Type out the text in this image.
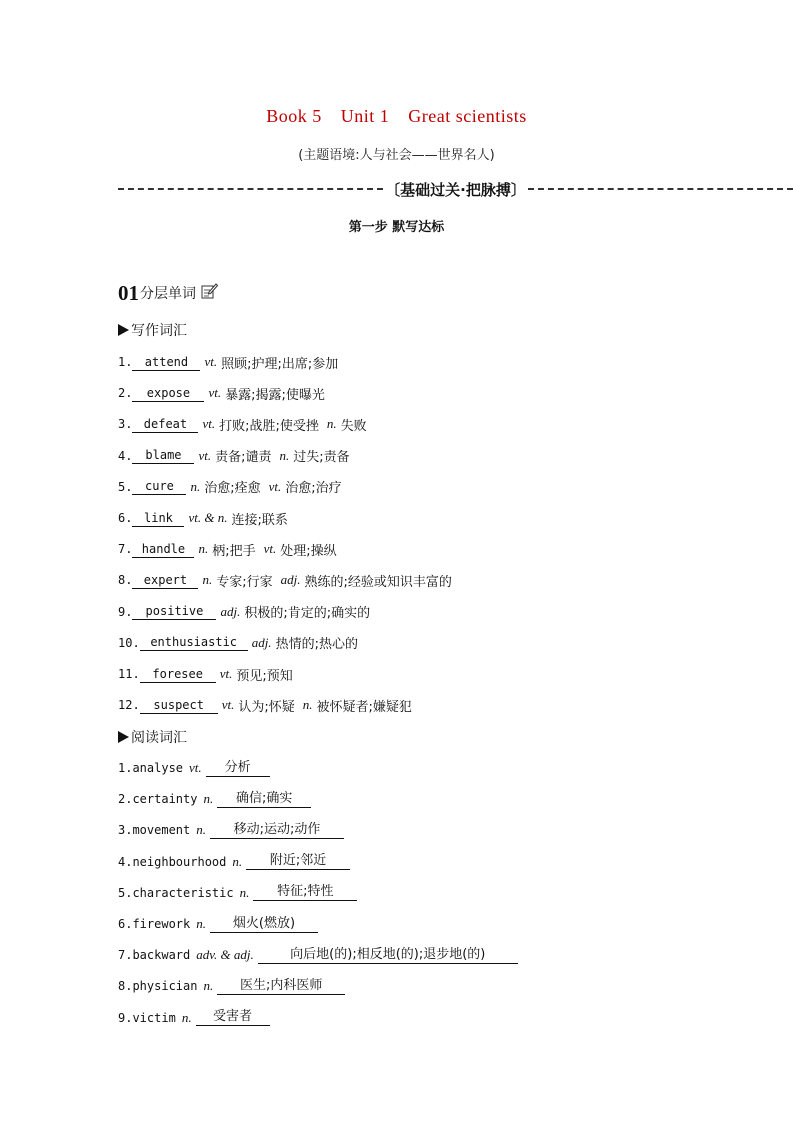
Book 5 Unit 1 Great scientists
(主题语境:人与社会——世界名人)
〔基础过关·把脉搏〕
第一步 默写达标
01 分层单词
写作词汇
1.	attend	vt. 照顾;护理;出席;参加
2.	expose	vt. 暴露;揭露;使曝光
3. defeat	vt. 打败;战胜;使受挫 n. 失败
4.	blame	vt. 责备;谴责 n. 过失;责备
5.	cure	n. 治愈;痊愈 vt. 治愈;治疗
6. link	vt. & n. 连接;联系
7. handle	n. 柄;把手 vt. 处理;操纵
8. expert	n. 专家;行家 adj. 熟练的;经验或知识丰富的
9.	positive	adj. 积极的;肯定的;确实的
10. enthusiastic	adj. 热情的;热心的
11.	foresee	vt. 预见;预知
12.	suspect	vt. 认为;怀疑 n. 被怀疑者;嫌疑犯
阅读词汇
1. analyse vt.	分析
2. certainty n.	确信;确实
3. movement n.	移动;运动;动作
4. neighbourhood n.	附近;邻近
5. characteristic n.	特征;特性
6. firework n.	烟火(燃放)
7. backward adv. & adj.	向后地(的);相反地(的);退步地(的)
8. physician n.	医生;内科医师
9. victim n.	受害者
